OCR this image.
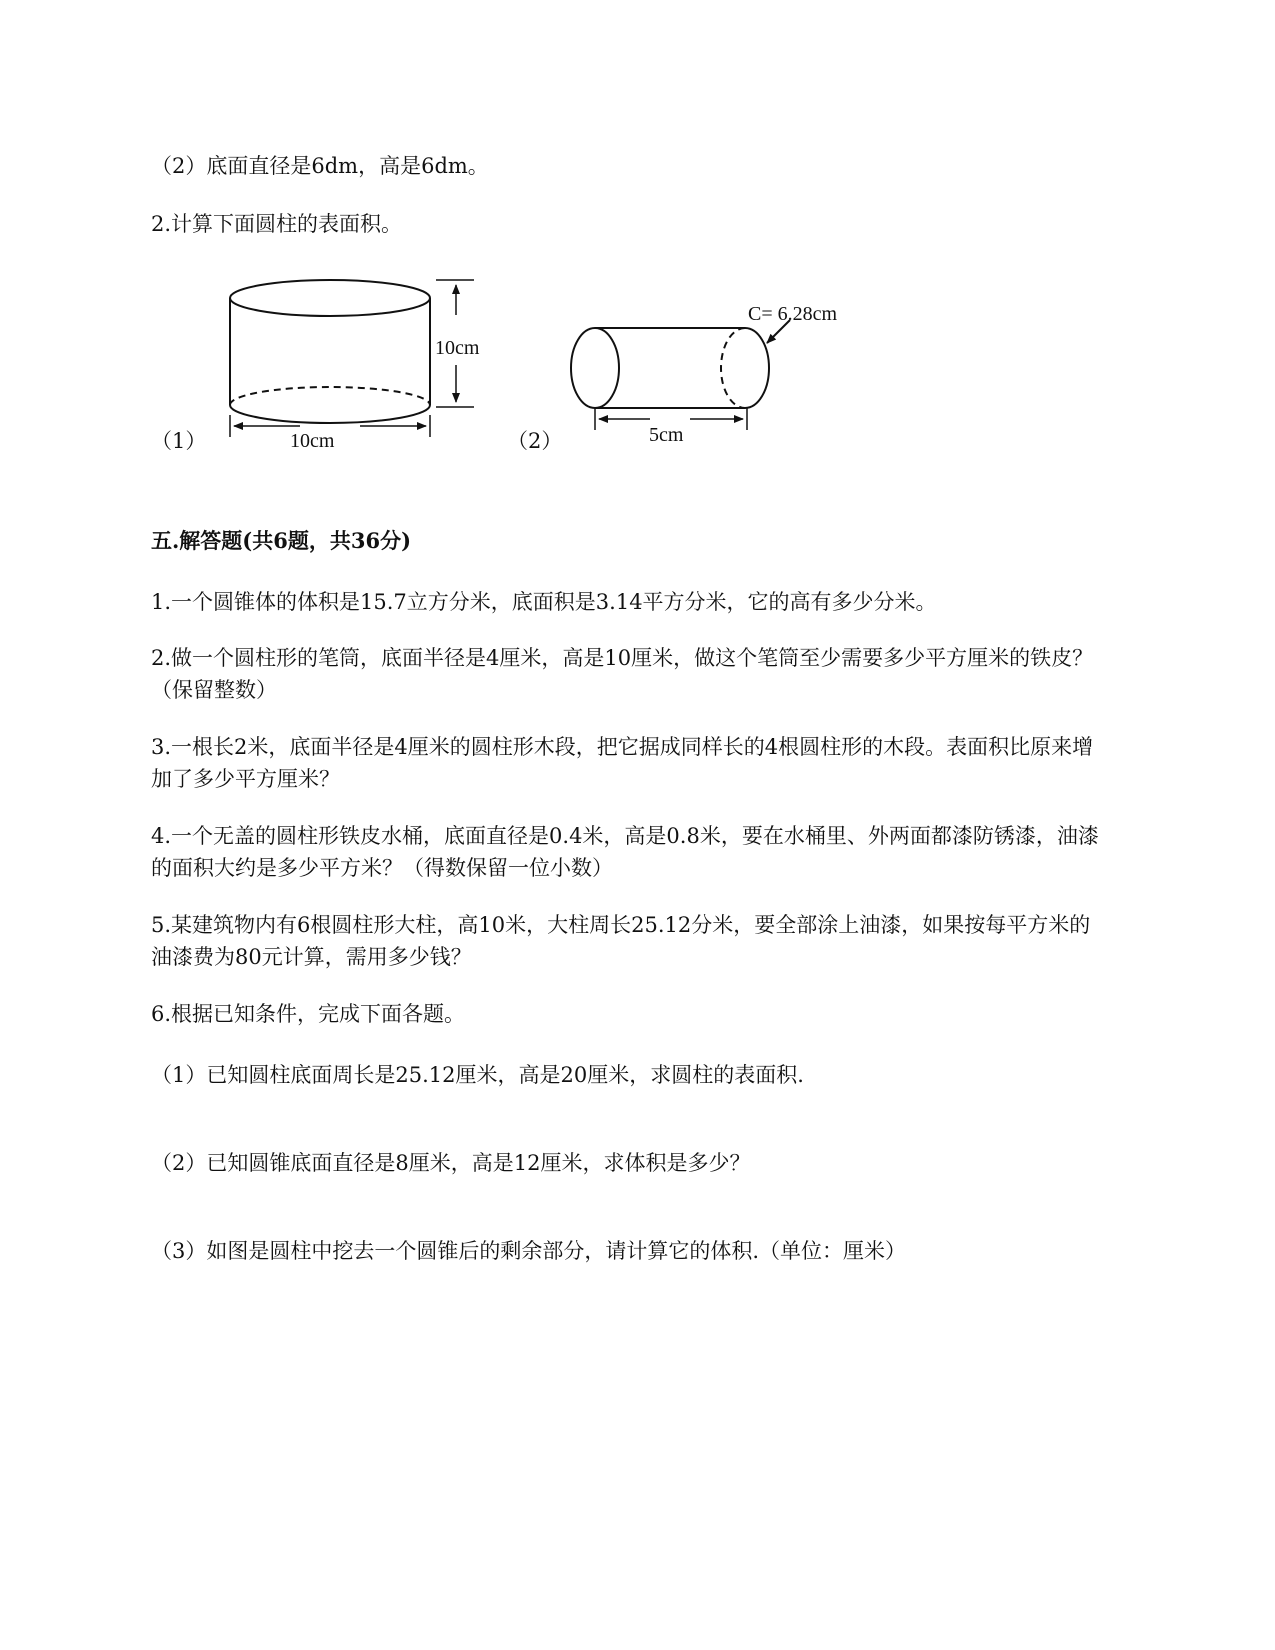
（2）底面直径是6dm，高是6dm。
2.计算下面圆柱的表面积。
10cm
10cm
C= 6.28cm
5cm
（1）	（2）
五.解答题(共6题，共36分)
1.一个圆锥体的体积是15.7立方分米，底面积是3.14平方分米，它的高有多少分米。
2.做一个圆柱形的笔筒，底面半径是4厘米，高是10厘米，做这个笔筒至少需要多少平方厘米的铁皮？（保留整数）
3.一根长2米，底面半径是4厘米的圆柱形木段，把它据成同样长的4根圆柱形的木段。表面积比原来增加了多少平方厘米？
4.一个无盖的圆柱形铁皮水桶，底面直径是0.4米，高是0.8米，要在水桶里、外两面都漆防锈漆，油漆的面积大约是多少平方米？（得数保留一位小数）
5.某建筑物内有6根圆柱形大柱，高10米，大柱周长25.12分米，要全部涂上油漆，如果按每平方米的油漆费为80元计算，需用多少钱？
6.根据已知条件，完成下面各题。
（1）已知圆柱底面周长是25.12厘米，高是20厘米，求圆柱的表面积.
（2）已知圆锥底面直径是8厘米，高是12厘米，求体积是多少？
（3）如图是圆柱中挖去一个圆锥后的剩余部分，请计算它的体积.（单位：厘米）
